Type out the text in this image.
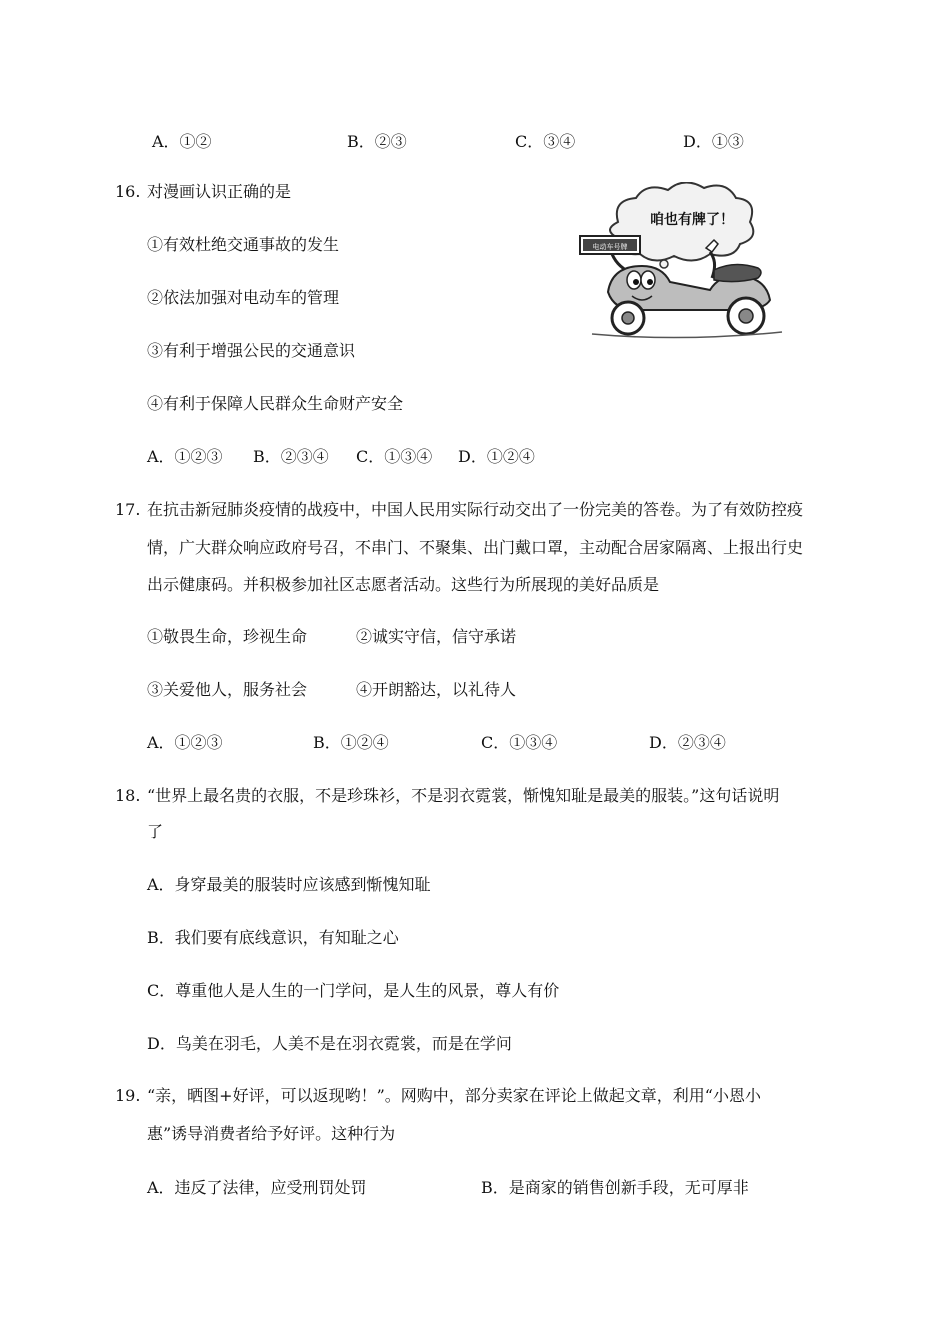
A．①②	B．②③	C．③④	D．①③
16. 对漫画认识正确的是
①有效杜绝交通事故的发生
②依法加强对电动车的管理
③有利于增强公民的交通意识
④有利于保障人民群众生命财产安全
A．①②③ B．②③④ C．①③④ D．①②④
咱也有牌了！
电动车号牌
17. 在抗击新冠肺炎疫情的战疫中，中国人民用实际行动交出了一份完美的答卷。为了有效防控疫
情，广大群众响应政府号召，不串门、不聚集、出门戴口罩，主动配合居家隔离、上报出行史
出示健康码。并积极参加社区志愿者活动。这些行为所展现的美好品质是
①敬畏生命，珍视生命	②诚实守信，信守承诺
③关爱他人，服务社会	④开朗豁达，以礼待人
A．①②③	B．①②④	C．①③④	D．②③④
18. “世界上最名贵的衣服，不是珍珠衫，不是羽衣霓裳，惭愧知耻是最美的服装。”这句话说明
了
A．身穿最美的服装时应该感到惭愧知耻
B．我们要有底线意识，有知耻之心
C．尊重他人是人生的一门学问，是人生的风景，尊人有价
D．鸟美在羽毛，人美不是在羽衣霓裳，而是在学问
19. “亲，晒图+好评，可以返现哟！”。网购中，部分卖家在评论上做起文章，利用“小恩小
惠”诱导消费者给予好评。这种行为
A．违反了法律，应受刑罚处罚	B．是商家的销售创新手段，无可厚非
